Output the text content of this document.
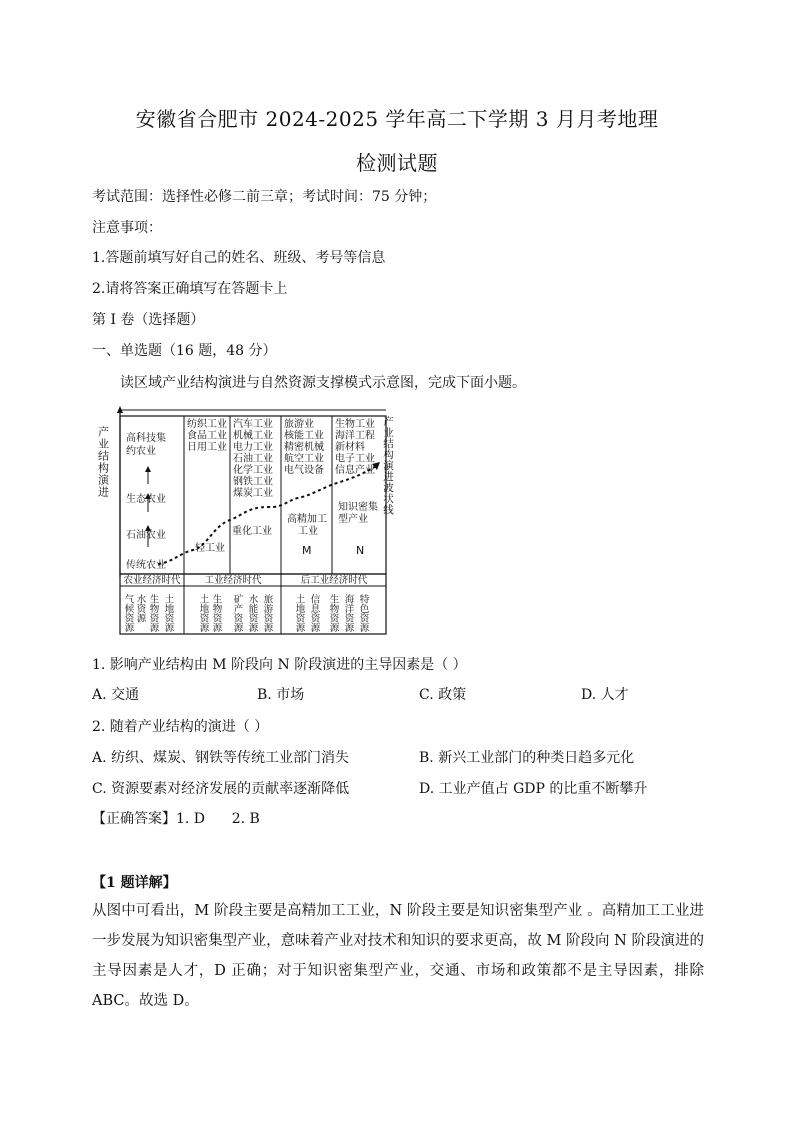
安徽省合肥市 2024-2025 学年高二下学期 3 月月考地理
检测试题
考试范围：选择性必修二前三章；考试时间：75 分钟；
注意事项：
1.答题前填写好自己的姓名、班级、考号等信息
2.请将答案正确填写在答题卡上
第 I 卷（选择题）
一、单选题（16 题，48 分）
读区域产业结构演进与自然资源支撑模式示意图，完成下面小题。
产业结构演进	产业结构演进波状线
高科技集
约农业
生态农业
石油农业
传统农业
纺织工业
食品工业
日用工业
汽车工业
机械工业
电力工业
石油工业
化学工业
钢铁工业
煤炭工业
旅游业
核能工业
精密机械
航空工业
电气设备
生物工业
海洋工程
新材料
电子工业
信息产业
轻工业
重化工业
高精加工
工业
M
知识密集
型产业
N
农业经济时代	工业经济时代	后工业经济时代
气候资源 水资源 生物资源 土地资源	土地资源 生物资源 矿产资源 水能资源 旅游资源 土地资源 信息资源 生物资源 海洋资源 特色资源
1. 影响产业结构由 M 阶段向 N 阶段演进的主导因素是（ ）
A. 交通	B. 市场	C. 政策	D. 人才
2. 随着产业结构的演进（ ）
A. 纺织、煤炭、钢铁等传统工业部门消失	B. 新兴工业部门的种类日趋多元化
C. 资源要素对经济发展的贡献率逐渐降低	D. 工业产值占 GDP 的比重不断攀升
【正确答案】1. D      2. B
【1 题详解】
从图中可看出，M 阶段主要是高精加工工业，N 阶段主要是知识密集型产业 。高精加工工业进一步发展为知识密集型产业，意味着产业对技术和知识的要求更高，故 M 阶段向 N 阶段演进的主导因素是人才，D 正确；对于知识密集型产业，交通、市场和政策都不是主导因素，排除 ABC。故选 D。
